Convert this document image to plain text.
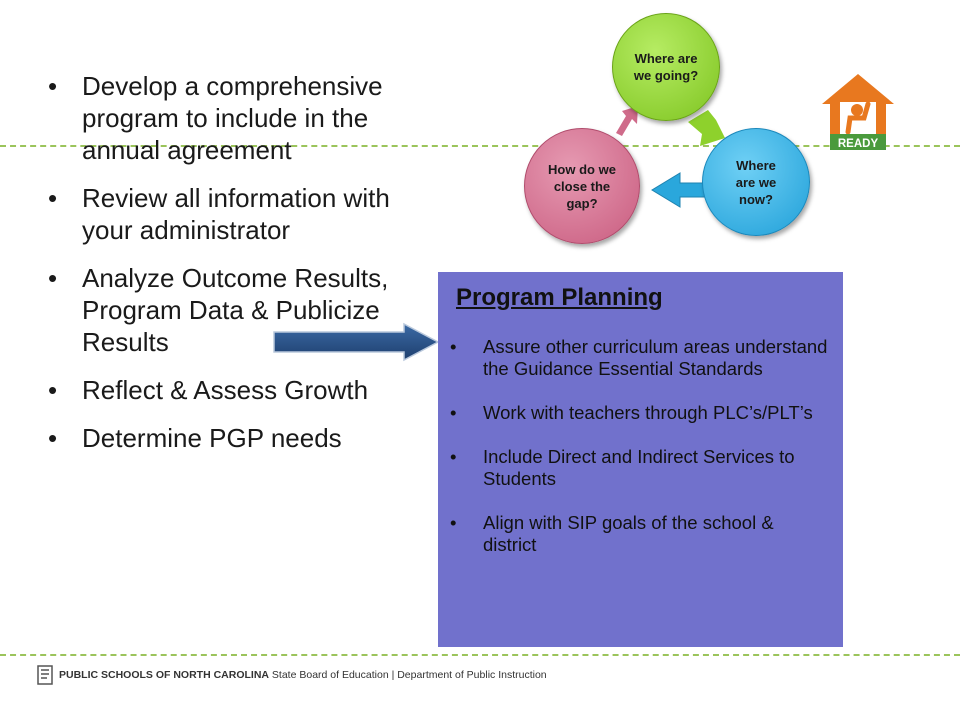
• Develop a comprehensive program to include in the annual agreement
• Review all information with your administrator
• Analyze Outcome Results, Program Data & Publicize Results
• Reflect & Assess Growth
• Determine PGP needs
Where are we going?
Where are we now?
How do we close the gap?
READY
Program Planning
• Assure other curriculum areas understand the Guidance Essential Standards
• Work with teachers through PLC’s/PLT’s
• Include Direct and Indirect Services to Students
• Align with SIP goals of the school & district
PUBLIC SCHOOLS OF NORTH CAROLINA State Board of Education | Department of Public Instruction
